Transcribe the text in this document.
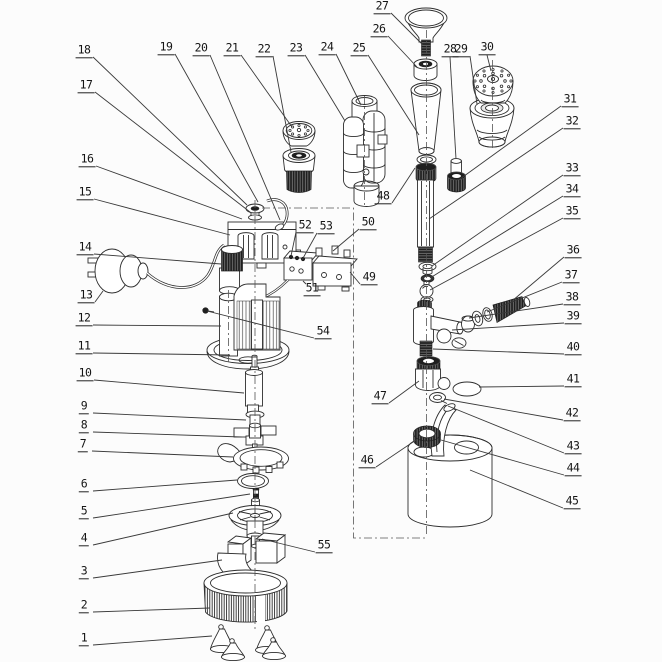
1
2
3
4
5
6
7
8
9
10
11
12
13
14
15
16
17
18	19 20 21 22 23 24 25
26
27
28
29 30
31
32
33
34
35
36
37
38
39
40
41
42
43
44
45
46
47
48
49
50
51
52 53
54
55
